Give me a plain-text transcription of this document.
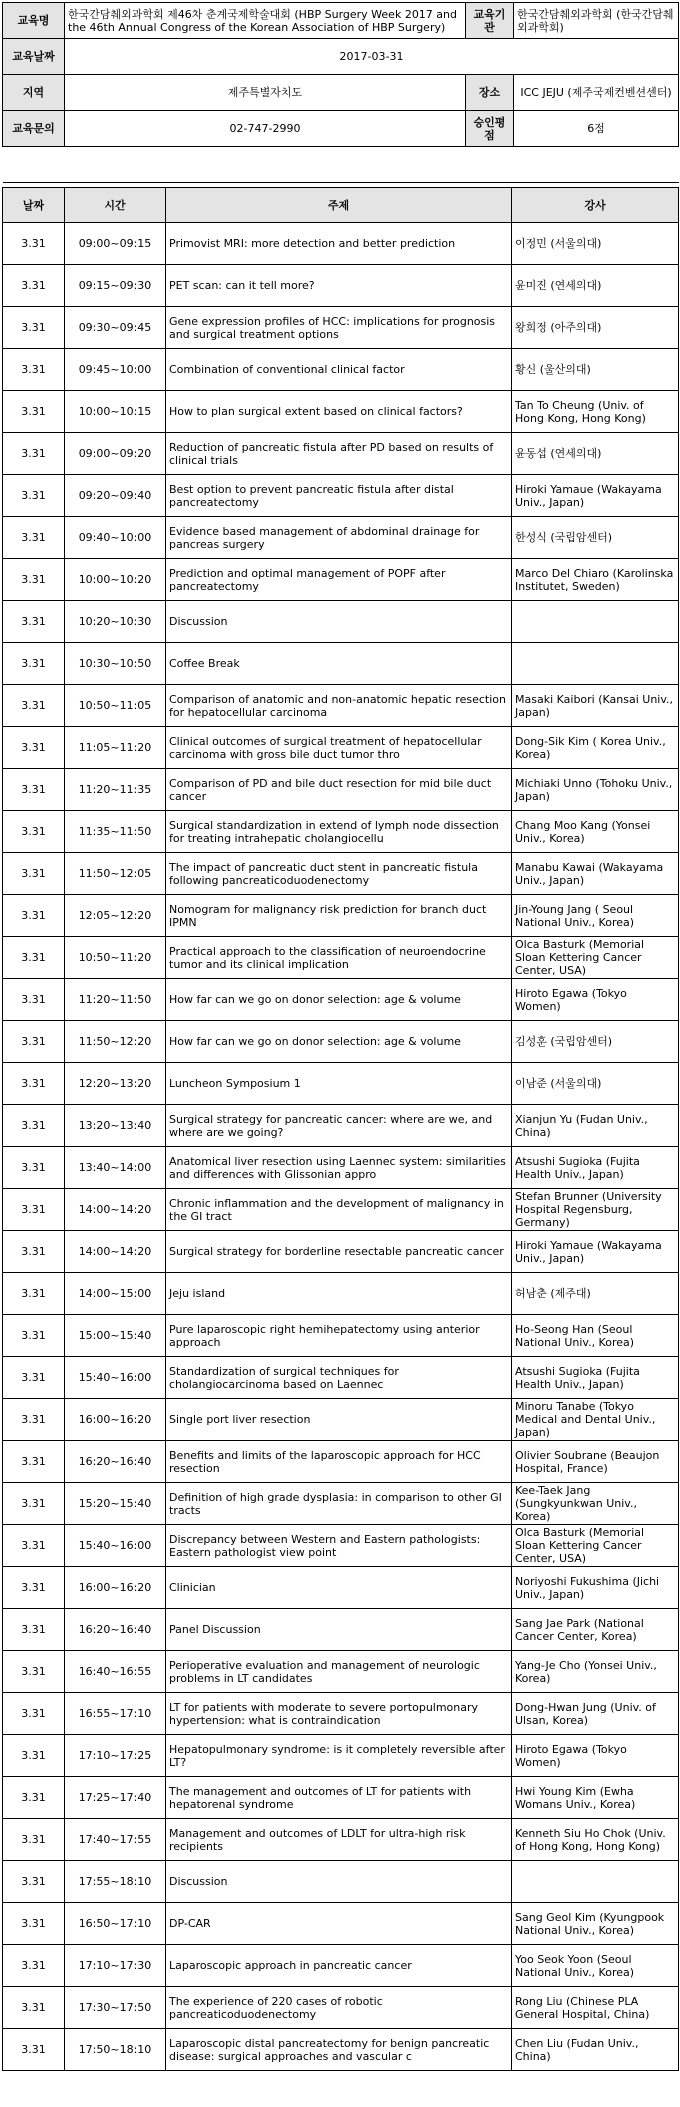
교육명	한국간담췌외과학회 제46차 춘계국제학술대회 (HBP Surgery Week 2017 and the 46th Annual Congress of the Korean Association of HBP Surgery)	교육기관	한국간담췌외과학회 (한국간담췌외과학회)
교육날짜	2017-03-31		
지역	제주특별자치도	장소	ICC JEJU (제주국제컨벤션센터)
교육문의	02-747-2990	승인평점	6점

날짜	시간	주제	강사
3.31	09:00~09:15	Primovist MRI: more detection and better prediction	이정민 (서울의대)
3.31	09:15~09:30	PET scan: can it tell more?	윤미진 (연세의대)
3.31	09:30~09:45	Gene expression profiles of HCC: implications for prognosis and surgical treatment options	왕희정 (아주의대)
3.31	09:45~10:00	Combination of conventional clinical factor	황신 (울산의대)
3.31	10:00~10:15	How to plan surgical extent based on clinical factors?	Tan To Cheung (Univ. of Hong Kong, Hong Kong)
3.31	09:00~09:20	Reduction of pancreatic fistula after PD based on results of clinical trials	윤동섭 (연세의대)
3.31	09:20~09:40	Best option to prevent pancreatic fistula after distal pancreatectomy	Hiroki Yamaue (Wakayama Univ., Japan)
3.31	09:40~10:00	Evidence based management of abdominal drainage for pancreas surgery	한성식 (국립암센터)
3.31	10:00~10:20	Prediction and optimal management of POPF after pancreatectomy	Marco Del Chiaro (Karolinska Institutet, Sweden)
3.31	10:20~10:30	Discussion	
3.31	10:30~10:50	Coffee Break	
3.31	10:50~11:05	Comparison of anatomic and non-anatomic hepatic resection for hepatocellular carcinoma	Masaki Kaibori (Kansai Univ., Japan)
3.31	11:05~11:20	Clinical outcomes of surgical treatment of hepatocellular carcinoma with gross bile duct tumor thro	Dong-Sik Kim ( Korea Univ., Korea)
3.31	11:20~11:35	Comparison of PD and bile duct resection for mid bile duct cancer	Michiaki Unno (Tohoku Univ., Japan)
3.31	11:35~11:50	Surgical standardization in extend of lymph node dissection for treating intrahepatic cholangiocellu	Chang Moo Kang (Yonsei Univ., Korea)
3.31	11:50~12:05	The impact of pancreatic duct stent in pancreatic fistula following pancreaticoduodenectomy	Manabu Kawai (Wakayama Univ., Japan)
3.31	12:05~12:20	Nomogram for malignancy risk prediction for branch duct IPMN	Jin-Young Jang ( Seoul National Univ., Korea)
3.31	10:50~11:20	Practical approach to the classification of neuroendocrine tumor and its clinical implication	Olca Basturk (Memorial Sloan Kettering Cancer Center, USA)
3.31	11:20~11:50	How far can we go on donor selection: age & volume	Hiroto Egawa (Tokyo Women)
3.31	11:50~12:20	How far can we go on donor selection: age & volume	김성훈 (국립암센터)
3.31	12:20~13:20	Luncheon Symposium 1	이남준 (서울의대)
3.31	13:20~13:40	Surgical strategy for pancreatic cancer: where are we, and where are we going?	Xianjun Yu (Fudan Univ., China)
3.31	13:40~14:00	Anatomical liver resection using Laennec system: similarities and differences with Glissonian appro	Atsushi Sugioka (Fujita Health Univ., Japan)
3.31	14:00~14:20	Chronic inflammation and the development of malignancy in the GI tract	Stefan Brunner (University Hospital Regensburg, Germany)
3.31	14:00~14:20	Surgical strategy for borderline resectable pancreatic cancer	Hiroki Yamaue (Wakayama Univ., Japan)
3.31	14:00~15:00	Jeju island	허남춘 (제주대)
3.31	15:00~15:40	Pure laparoscopic right hemihepatectomy using anterior approach	Ho-Seong Han (Seoul National Univ., Korea)
3.31	15:40~16:00	Standardization of surgical techniques for cholangiocarcinoma based on Laennec	Atsushi Sugioka (Fujita Health Univ., Japan)
3.31	16:00~16:20	Single port liver resection	Minoru Tanabe (Tokyo Medical and Dental Univ., Japan)
3.31	16:20~16:40	Benefits and limits of the laparoscopic approach for HCC resection	Olivier Soubrane (Beaujon Hospital, France)
3.31	15:20~15:40	Definition of high grade dysplasia: in comparison to other GI tracts	Kee-Taek Jang (Sungkyunkwan Univ., Korea)
3.31	15:40~16:00	Discrepancy between Western and Eastern pathologists: Eastern pathologist view point	Olca Basturk (Memorial Sloan Kettering Cancer Center, USA)
3.31	16:00~16:20	Clinician	Noriyoshi Fukushima (Jichi Univ., Japan)
3.31	16:20~16:40	Panel Discussion	Sang Jae Park (National Cancer Center, Korea)
3.31	16:40~16:55	Perioperative evaluation and management of neurologic problems in LT candidates	Yang-Je Cho (Yonsei Univ., Korea)
3.31	16:55~17:10	LT for patients with moderate to severe portopulmonary hypertension: what is contraindication	Dong-Hwan Jung (Univ. of Ulsan, Korea)
3.31	17:10~17:25	Hepatopulmonary syndrome: is it completely reversible after LT?	Hiroto Egawa (Tokyo Women)
3.31	17:25~17:40	The management and outcomes of LT for patients with hepatorenal syndrome	Hwi Young Kim (Ewha Womans Univ., Korea)
3.31	17:40~17:55	Management and outcomes of LDLT for ultra-high risk recipients	Kenneth Siu Ho Chok (Univ. of Hong Kong, Hong Kong)
3.31	17:55~18:10	Discussion	
3.31	16:50~17:10	DP-CAR	Sang Geol Kim (Kyungpook National Univ., Korea)
3.31	17:10~17:30	Laparoscopic approach in pancreatic cancer	Yoo Seok Yoon (Seoul National Univ., Korea)
3.31	17:30~17:50	The experience of 220 cases of robotic pancreaticoduodenectomy	Rong Liu (Chinese PLA General Hospital, China)
3.31	17:50~18:10	Laparoscopic distal pancreatectomy for benign pancreatic disease: surgical approaches and vascular c	Chen Liu (Fudan Univ., China)
